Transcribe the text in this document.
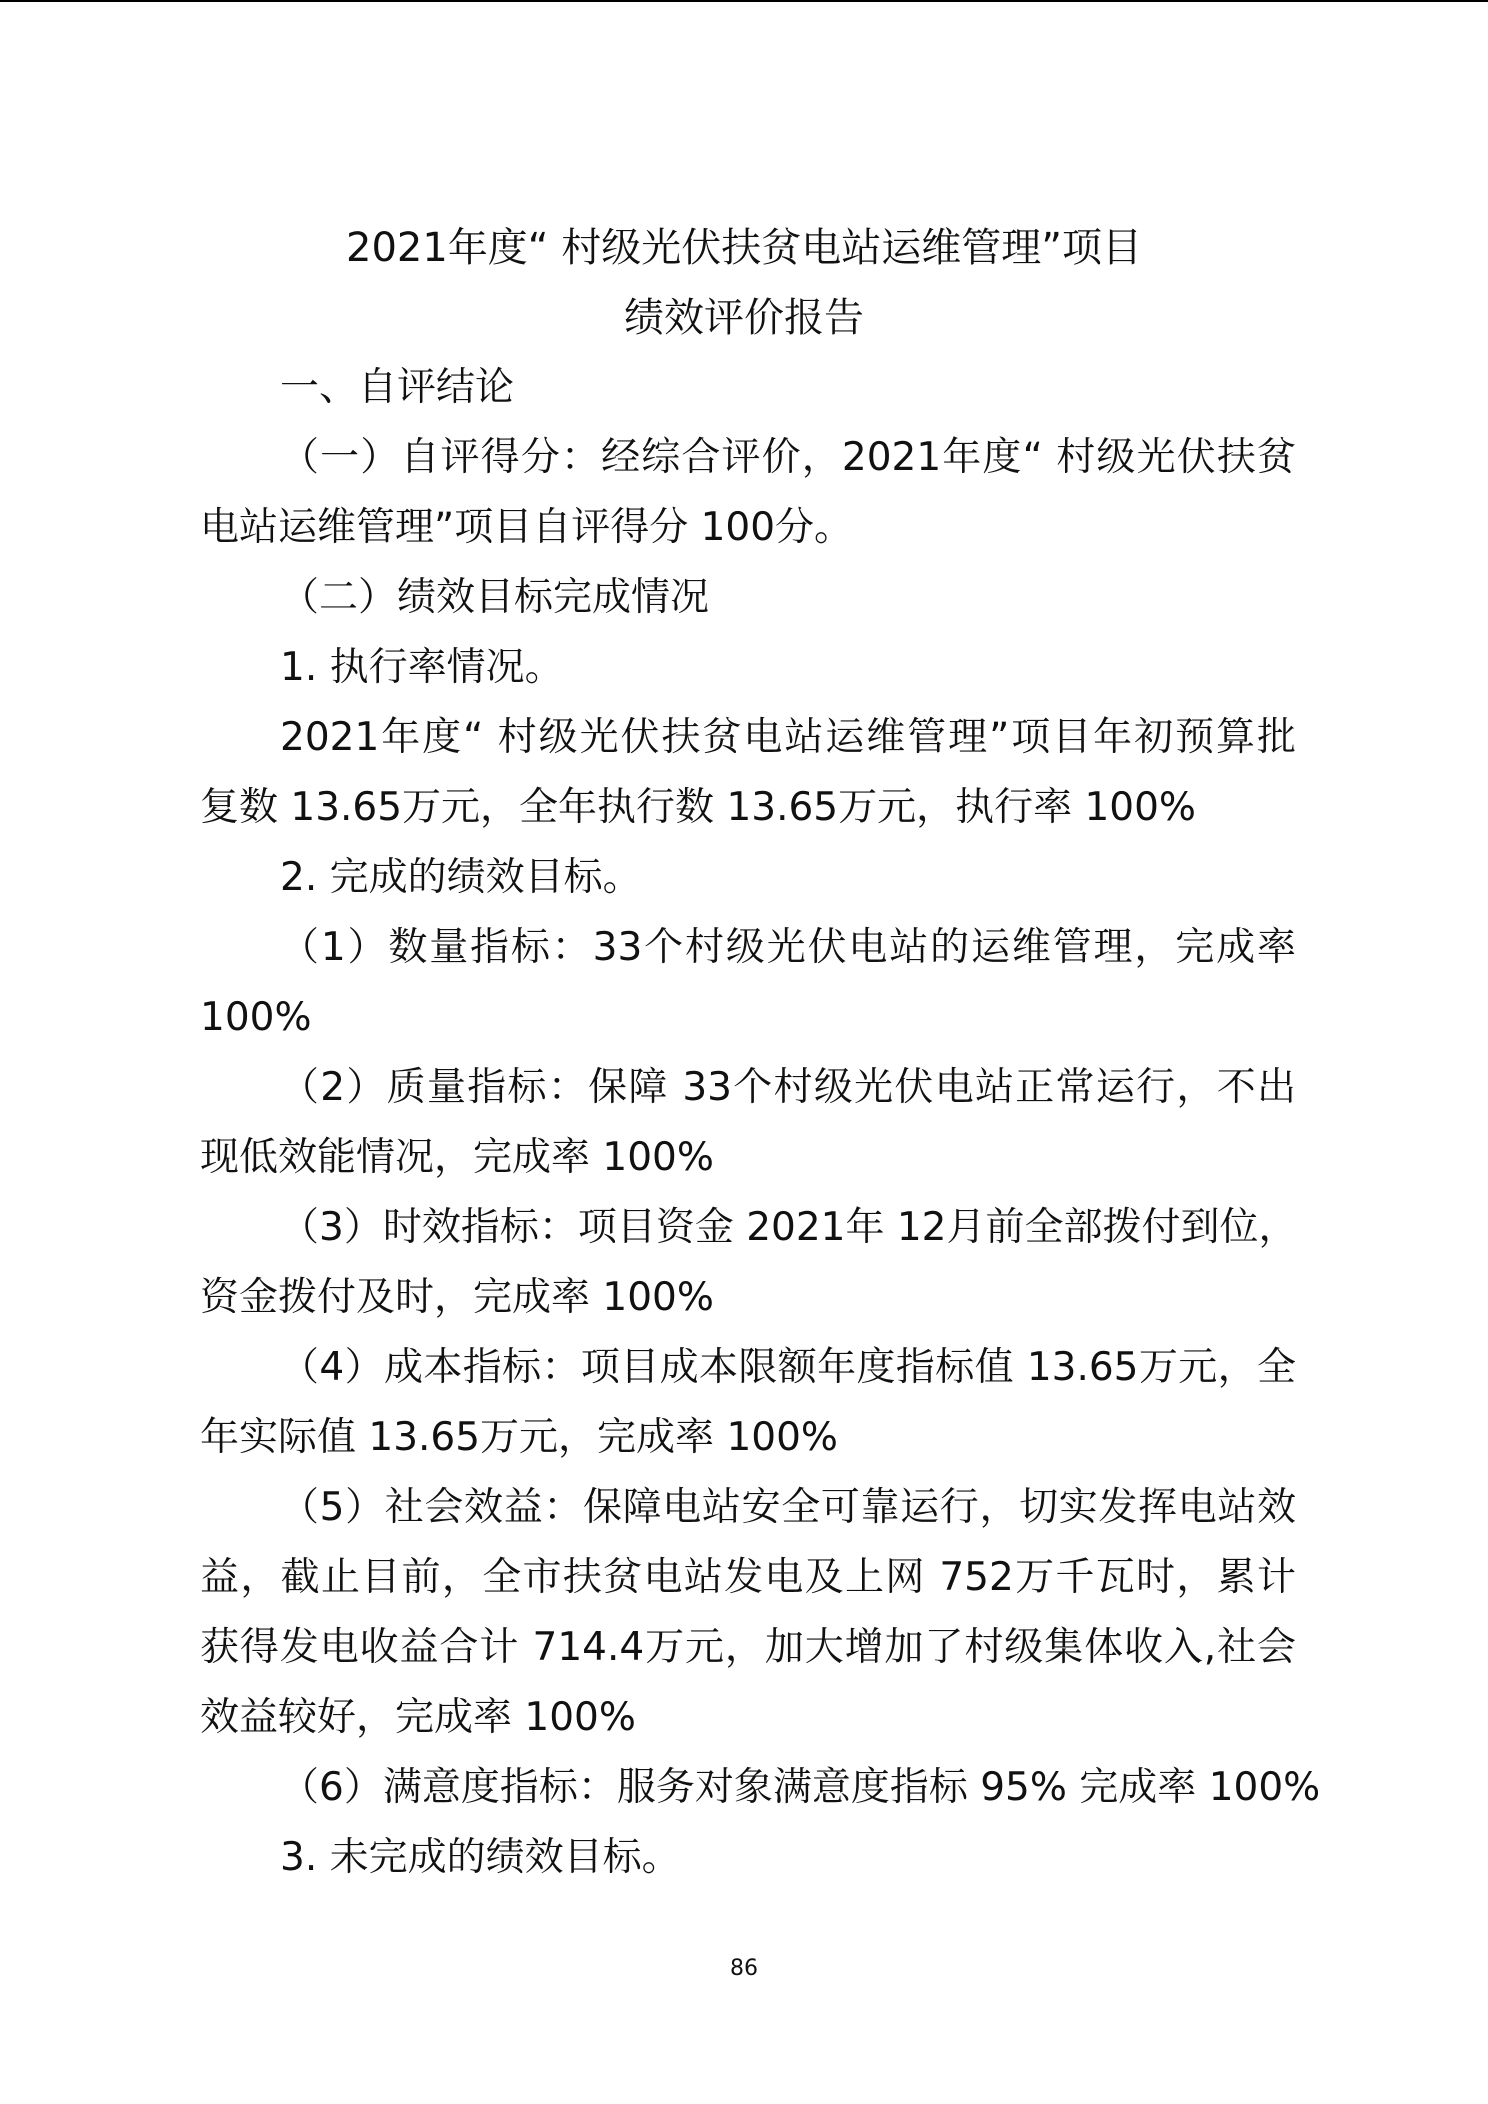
2021年度“ 村级光伏扶贫电站运维管理”项目
绩效评价报告
一、自评结论
（一）自评得分：经综合评价，2021年度“ 村级光伏扶贫
电站运维管理”项目自评得分 100分。
（二）绩效目标完成情况
1. 执行率情况。
2021年度“ 村级光伏扶贫电站运维管理”项目年初预算批
复数 13.65万元，全年执行数 13.65万元，执行率 100%
2. 完成的绩效目标。
（1）数量指标：33个村级光伏电站的运维管理，完成率
100%
（2）质量指标：保障 33个村级光伏电站正常运行，不出
现低效能情况，完成率 100%
（3）时效指标：项目资金 2021年 12月前全部拨付到位，
资金拨付及时，完成率 100%
（4）成本指标：项目成本限额年度指标值 13.65万元，全
年实际值 13.65万元，完成率 100%
（5）社会效益：保障电站安全可靠运行，切实发挥电站效
益，截止目前，全市扶贫电站发电及上网 752万千瓦时，累计
获得发电收益合计 714.4万元，加大增加了村级集体收入,社会
效益较好，完成率 100%
（6）满意度指标：服务对象满意度指标 95% 完成率 100%
3. 未完成的绩效目标。
86
